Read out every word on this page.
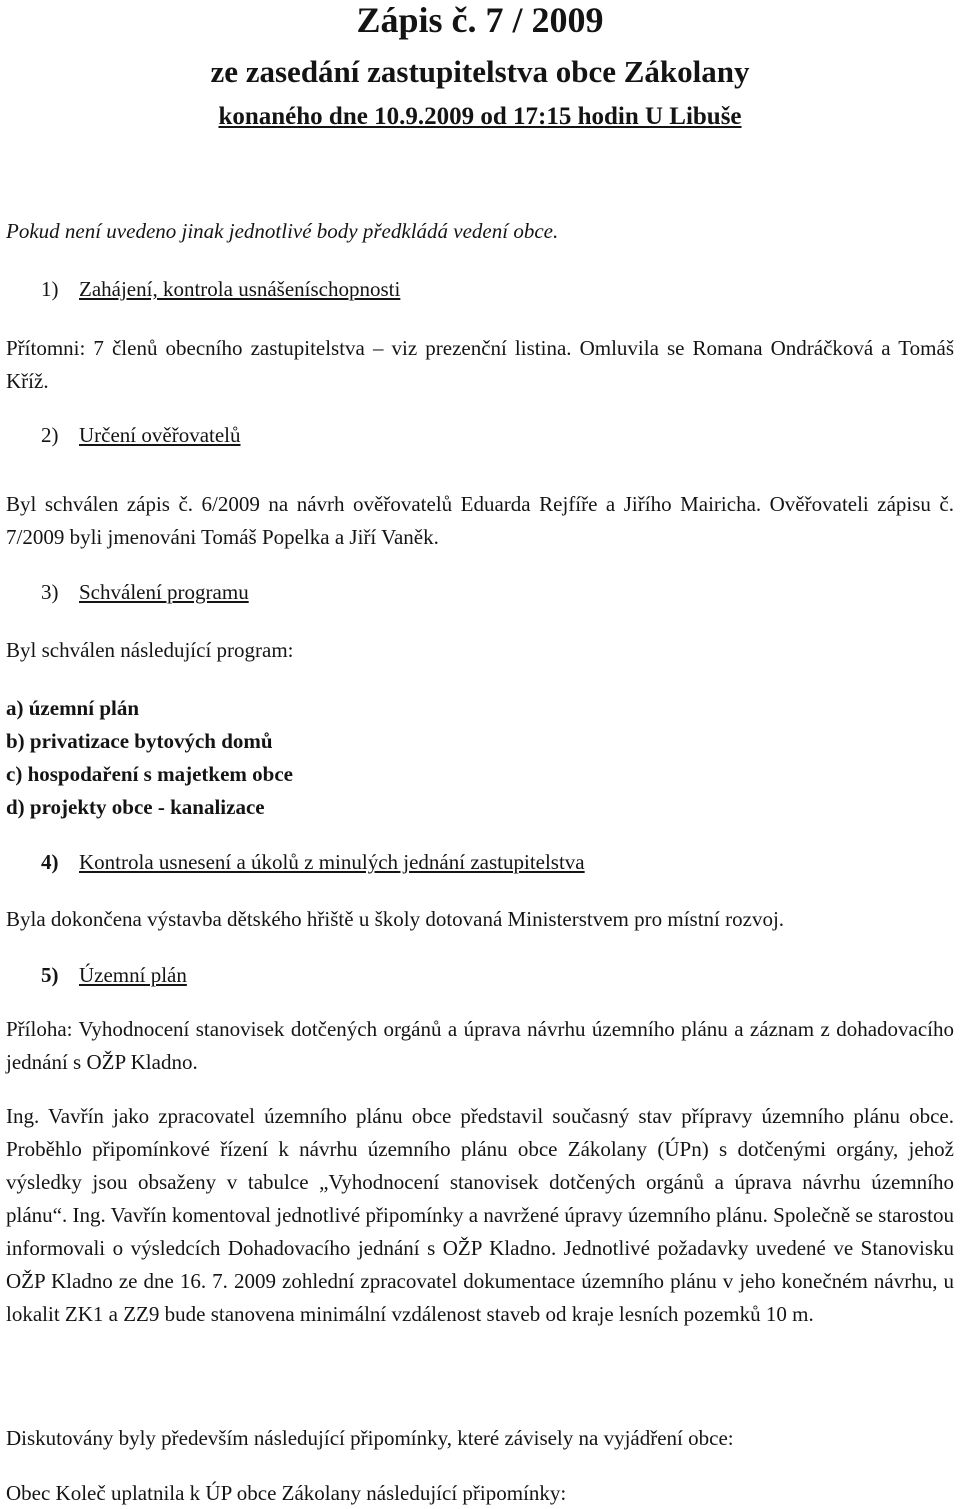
Zápis č. 7 / 2009
ze zasedání zastupitelstva obce Zákolany
konaného dne 10.9.2009 od 17:15 hodin U Libuše
Pokud není uvedeno jinak jednotlivé body předkládá vedení obce.
1) Zahájení, kontrola usnášeníschopnosti
Přítomni: 7 členů obecního zastupitelstva – viz prezenční listina. Omluvila se Romana Ondráčková a Tomáš Kříž.
2) Určení ověřovatelů
Byl schválen zápis č. 6/2009 na návrh ověřovatelů Eduarda Rejfíře a Jiřího Mairicha. Ověřovateli zápisu č. 7/2009 byli jmenováni Tomáš Popelka a Jiří Vaněk.
3) Schválení programu
Byl schválen následující program:
a) územní plán
b) privatizace bytových domů
c) hospodaření s majetkem obce
d) projekty obce - kanalizace
4) Kontrola usnesení a úkolů z minulých jednání zastupitelstva
Byla dokončena výstavba dětského hřiště u školy dotovaná Ministerstvem pro místní rozvoj.
5) Územní plán
Příloha: Vyhodnocení stanovisek dotčených orgánů a úprava návrhu územního plánu a záznam z dohadovacího jednání s OŽP Kladno.
Ing. Vavřín jako zpracovatel územního plánu obce představil současný stav přípravy územního plánu obce. Proběhlo připomínkové řízení k návrhu územního plánu obce Zákolany (ÚPn) s dotčenými orgány, jehož výsledky jsou obsaženy v tabulce „Vyhodnocení stanovisek dotčených orgánů a úprava návrhu územního plánu“. Ing. Vavřín komentoval jednotlivé připomínky a navržené úpravy územního plánu. Společně se starostou informovali o výsledcích Dohadovacího jednání s OŽP Kladno. Jednotlivé požadavky uvedené ve Stanovisku OŽP Kladno ze dne 16. 7. 2009 zohlední zpracovatel dokumentace územního plánu v jeho konečném návrhu, u lokalit ZK1 a ZZ9 bude stanovena minimální vzdálenost staveb od kraje lesních pozemků 10 m.
Diskutovány byly především následující připomínky, které závisely na vyjádření obce:
Obec Koleč uplatnila k ÚP obce Zákolany následující připomínky:
